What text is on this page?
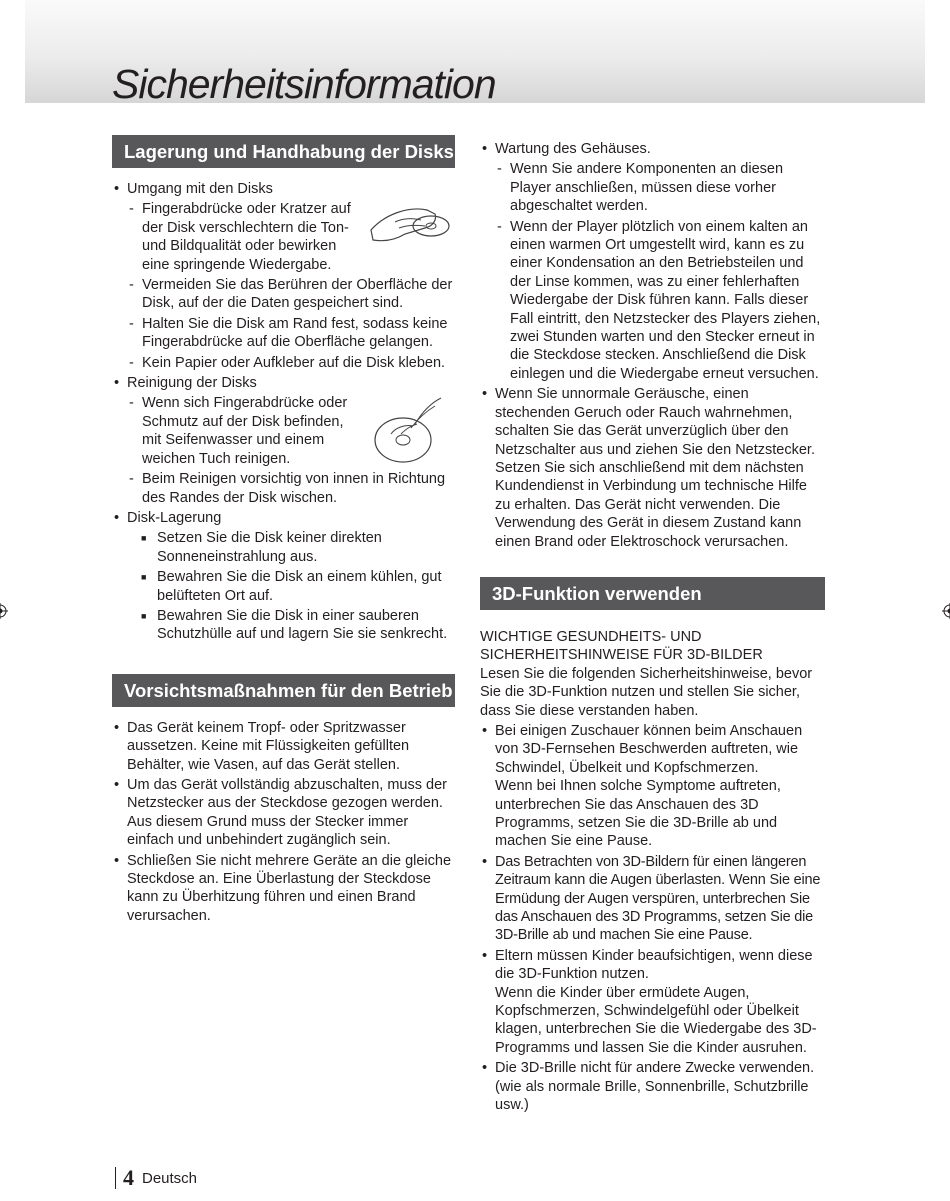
Sicherheitsinformation
Lagerung und Handhabung der Disks
• Umgang mit den Disks
- Fingerabdrücke oder Kratzer auf der Disk verschlechtern die Ton- und Bildqualität oder bewirken eine springende Wiedergabe.
- Vermeiden Sie das Berühren der Oberfläche der Disk, auf der die Daten gespeichert sind.
- Halten Sie die Disk am Rand fest, sodass keine Fingerabdrücke auf die Oberfläche gelangen.
- Kein Papier oder Aufkleber auf die Disk kleben.
• Reinigung der Disks
- Wenn sich Fingerabdrücke oder Schmutz auf der Disk befinden, mit Seifenwasser und einem weichen Tuch reinigen.
- Beim Reinigen vorsichtig von innen in Richtung des Randes der Disk wischen.
• Disk-Lagerung
■ Setzen Sie die Disk keiner direkten Sonneneinstrahlung aus.
■ Bewahren Sie die Disk an einem kühlen, gut belüfteten Ort auf.
■ Bewahren Sie die Disk in einer sauberen Schutzhülle auf und lagern Sie sie senkrecht.
Vorsichtsmaßnahmen für den Betrieb
• Das Gerät keinem Tropf- oder Spritzwasser aussetzen. Keine mit Flüssigkeiten gefüllten Behälter, wie Vasen, auf das Gerät stellen.
• Um das Gerät vollständig abzuschalten, muss der Netzstecker aus der Steckdose gezogen werden. Aus diesem Grund muss der Stecker immer einfach und unbehindert zugänglich sein.
• Schließen Sie nicht mehrere Geräte an die gleiche Steckdose an. Eine Überlastung der Steckdose kann zu Überhitzung führen und einen Brand verursachen.
• Wartung des Gehäuses.
- Wenn Sie andere Komponenten an diesen Player anschließen, müssen diese vorher abgeschaltet werden.
- Wenn der Player plötzlich von einem kalten an einen warmen Ort umgestellt wird, kann es zu einer Kondensation an den Betriebsteilen und der Linse kommen, was zu einer fehlerhaften Wiedergabe der Disk führen kann. Falls dieser Fall eintritt, den Netzstecker des Players ziehen, zwei Stunden warten und den Stecker erneut in die Steckdose stecken. Anschließend die Disk einlegen und die Wiedergabe erneut versuchen.
• Wenn Sie unnormale Geräusche, einen stechenden Geruch oder Rauch wahrnehmen, schalten Sie das Gerät unverzüglich über den Netzschalter aus und ziehen Sie den Netzstecker. Setzen Sie sich anschließend mit dem nächsten Kundendienst in Verbindung um technische Hilfe zu erhalten. Das Gerät nicht verwenden. Die Verwendung des Gerät in diesem Zustand kann einen Brand oder Elektroschock verursachen.
3D-Funktion verwenden

WICHTIGE GESUNDHEITS- UND

SICHERHEITSHINWEISE FÜR 3D-BILDER

Lesen Sie die folgenden Sicherheitshinweise, bevor Sie die 3D-Funktion nutzen und stellen Sie sicher, dass Sie diese verstanden haben.

• Bei einigen Zuschauer können beim Anschauen von 3D-Fernsehen Beschwerden auftreten, wie Schwindel, Übelkeit und Kopfschmerzen.
Wenn bei Ihnen solche Symptome auftreten, unterbrechen Sie das Anschauen des 3D Programms, setzen Sie die 3D-Brille ab und machen Sie eine Pause.
• Das Betrachten von 3D-Bildern für einen längeren Zeitraum kann die Augen überlasten. Wenn Sie eine Ermüdung der Augen verspüren, unterbrechen Sie das Anschauen des 3D Programms, setzen Sie die 3D-Brille ab und machen Sie eine Pause.
• Eltern müssen Kinder beaufsichtigen, wenn diese die 3D-Funktion nutzen.
Wenn die Kinder über ermüdete Augen, Kopfschmerzen, Schwindelgefühl oder Übelkeit klagen, unterbrechen Sie die Wiedergabe des 3D-Programms und lassen Sie die Kinder ausruhen.
• Die 3D-Brille nicht für andere Zwecke verwenden.
(wie als normale Brille, Sonnenbrille, Schutzbrille usw.)
4 Deutsch
